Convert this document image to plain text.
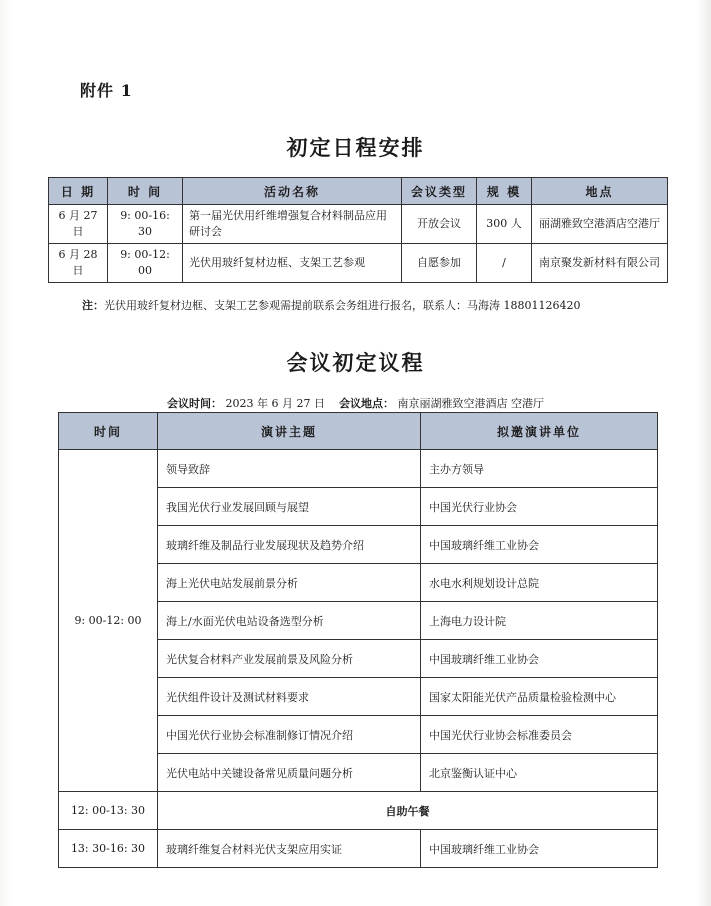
附件 1
初定日程安排
日 期	时 间	活动名称	会议类型	规 模	地点
6 月 27 日	9: 00-16: 30	第一届光伏用纤维增强复合材料制品应用研讨会	开放会议	300 人	丽湖雅致空港酒店空港厅
6 月 28 日	9: 00-12: 00	光伏用玻纤复材边框、支架工艺参观	自愿参加	/	南京聚发新材料有限公司
注：光伏用玻纤复材边框、支架工艺参观需提前联系会务组进行报名，联系人：马海涛 18801126420
会议初定议程
会议时间： 2023 年 6 月 27 日 会议地点： 南京丽湖雅致空港酒店 空港厅
时间	演讲主题	拟邀演讲单位
9: 00-12: 00	领导致辞	主办方领导
	我国光伏行业发展回顾与展望	中国光伏行业协会
	玻璃纤维及制品行业发展现状及趋势介绍	中国玻璃纤维工业协会
	海上光伏电站发展前景分析	水电水利规划设计总院
	海上/水面光伏电站设备选型分析	上海电力设计院
	光伏复合材料产业发展前景及风险分析	中国玻璃纤维工业协会
	光伏组件设计及测试材料要求	国家太阳能光伏产品质量检验检测中心
	中国光伏行业协会标准制修订情况介绍	中国光伏行业协会标准委员会
	光伏电站中关键设备常见质量问题分析	北京鉴衡认证中心
12: 00-13: 30	自助午餐	
13: 30-16: 30	玻璃纤维复合材料光伏支架应用实证	中国玻璃纤维工业协会
